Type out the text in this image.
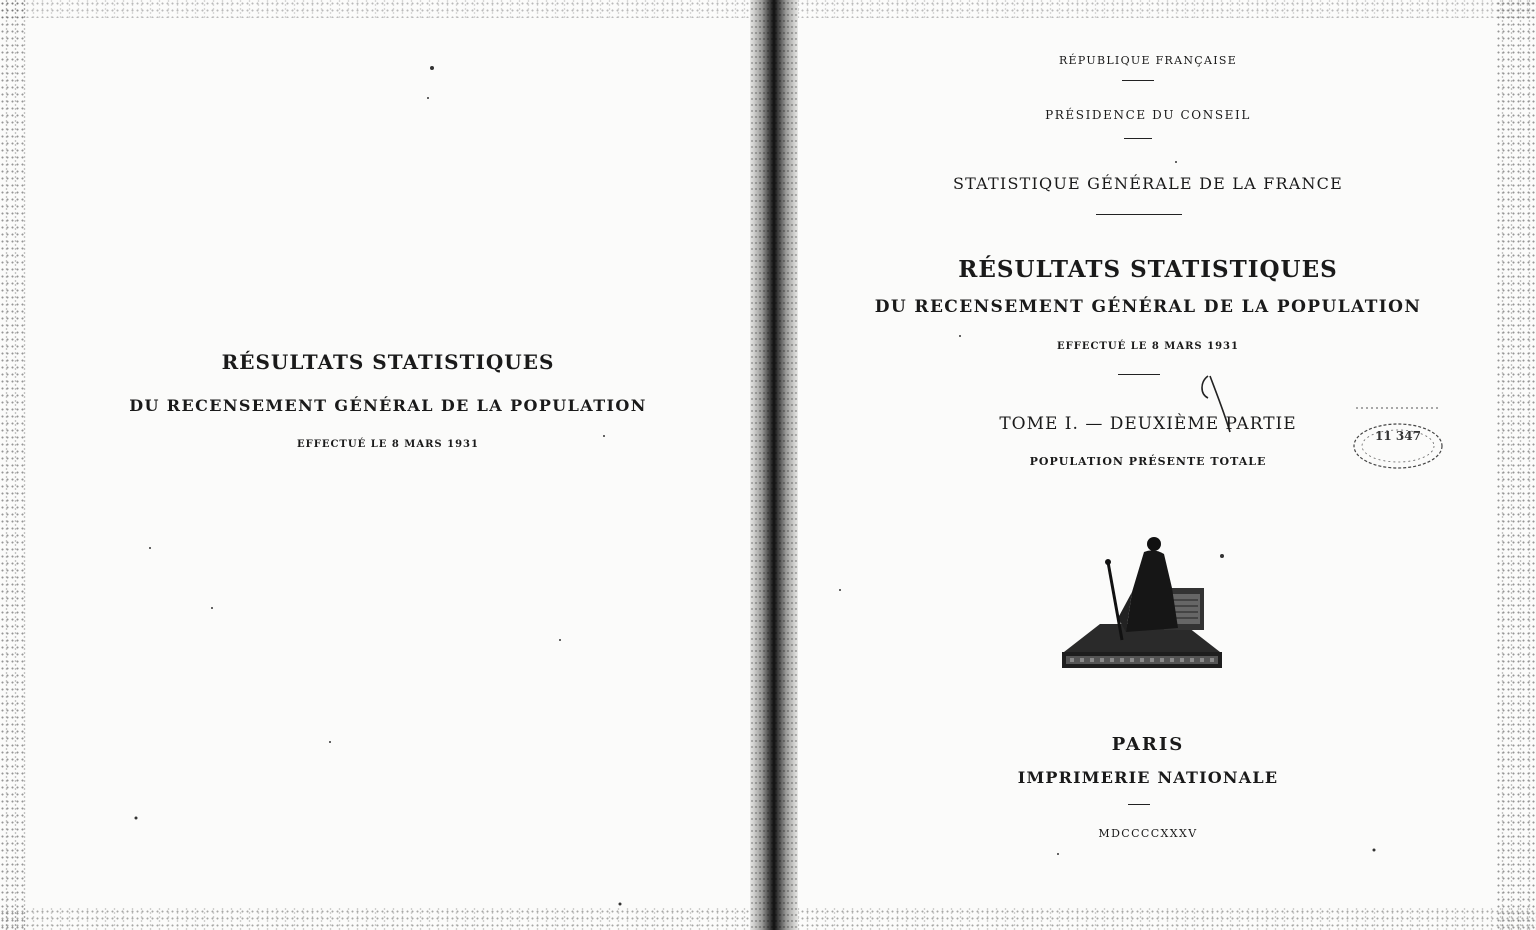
RÉSULTATS STATISTIQUES
DU RECENSEMENT GÉNÉRAL DE LA POPULATION
EFFECTUÉ LE 8 MARS 1931
RÉPUBLIQUE FRANÇAISE
PRÉSIDENCE DU CONSEIL
STATISTIQUE GÉNÉRALE DE LA FRANCE
RÉSULTATS STATISTIQUES
DU RECENSEMENT GÉNÉRAL DE LA POPULATION
EFFECTUÉ LE 8 MARS 1931
TOME I. — DEUXIÈME PARTIE
POPULATION PRÉSENTE TOTALE
11 347
PARIS
IMPRIMERIE NATIONALE
MDCCCCXXXV
